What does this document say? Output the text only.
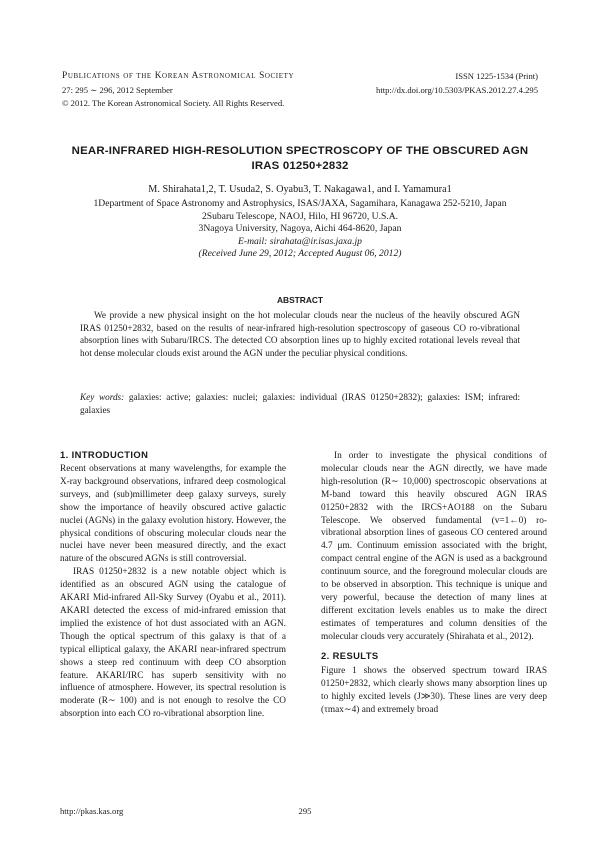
Publications of the Korean Astronomical Society
27: 295 ∼ 296, 2012 September
© 2012. The Korean Astronomical Society. All Rights Reserved.
ISSN 1225-1534 (Print)
http://dx.doi.org/10.5303/PKAS.2012.27.4.295
NEAR-INFRARED HIGH-RESOLUTION SPECTROSCOPY OF THE OBSCURED AGN
IRAS 01250+2832
M. Shirahata1,2, T. Usuda2, S. Oyabu3, T. Nakagawa1, and I. Yamamura1
1Department of Space Astronomy and Astrophysics, ISAS/JAXA, Sagamihara, Kanagawa 252-5210, Japan
2Subaru Telescope, NAOJ, Hilo, HI 96720, U.S.A.
3Nagoya University, Nagoya, Aichi 464-8620, Japan
E-mail: sirahata@ir.isas.jaxa.jp
(Received June 29, 2012; Accepted August 06, 2012)
ABSTRACT

We provide a new physical insight on the hot molecular clouds near the nucleus of the heavily obscured AGN IRAS 01250+2832, based on the results of near-infrared high-resolution spectroscopy of gaseous CO ro-vibrational absorption lines with Subaru/IRCS. The detected CO absorption lines up to highly excited rotational levels reveal that hot dense molecular clouds exist around the AGN under the peculiar physical conditions.

Key words: galaxies: active; galaxies: nuclei; galaxies: individual (IRAS 01250+2832); galaxies: ISM; infrared: galaxies
1. INTRODUCTION

Recent observations at many wavelengths, for example the X-ray background observations, infrared deep cosmological surveys, and (sub)millimeter deep galaxy surveys, surely show the importance of heavily obscured active galactic nuclei (AGNs) in the galaxy evolution history. However, the physical conditions of obscuring molecular clouds near the nuclei have never been measured directly, and the exact nature of the obscured AGNs is still controversial.

IRAS 01250+2832 is a new notable object which is identified as an obscured AGN using the catalogue of AKARI Mid-infrared All-Sky Survey (Oyabu et al., 2011). AKARI detected the excess of mid-infrared emission that implied the existence of hot dust associated with an AGN. Though the optical spectrum of this galaxy is that of a typical elliptical galaxy, the AKARI near-infrared spectrum shows a steep red continuum with deep CO absorption feature. AKARI/IRC has superb sensitivity with no influence of atmosphere. However, its spectral resolution is moderate (R∼ 100) and is not enough to resolve the CO absorption into each CO ro-vibrational absorption line.

In order to investigate the physical conditions of molecular clouds near the AGN directly, we have made high-resolution (R∼ 10,000) spectroscopic observations at M-band toward this heavily obscured AGN IRAS 01250+2832 with the IRCS+AO188 on the Subaru Telescope. We observed fundamental (v=1←0) ro-vibrational absorption lines of gaseous CO centered around 4.7 μm. Continuum emission associated with the bright, compact central engine of the AGN is used as a background continuum source, and the foreground molecular clouds are to be observed in absorption. This technique is unique and very powerful, because the detection of many lines at different excitation levels enables us to make the direct estimates of temperatures and column densities of the molecular clouds very accurately (Shirahata et al., 2012).

2. RESULTS

Figure 1 shows the observed spectrum toward IRAS 01250+2832, which clearly shows many absorption lines up to highly excited levels (J≫30). These lines are very deep (τmax∼4) and extremely broad

http://pkas.kas.org	295
